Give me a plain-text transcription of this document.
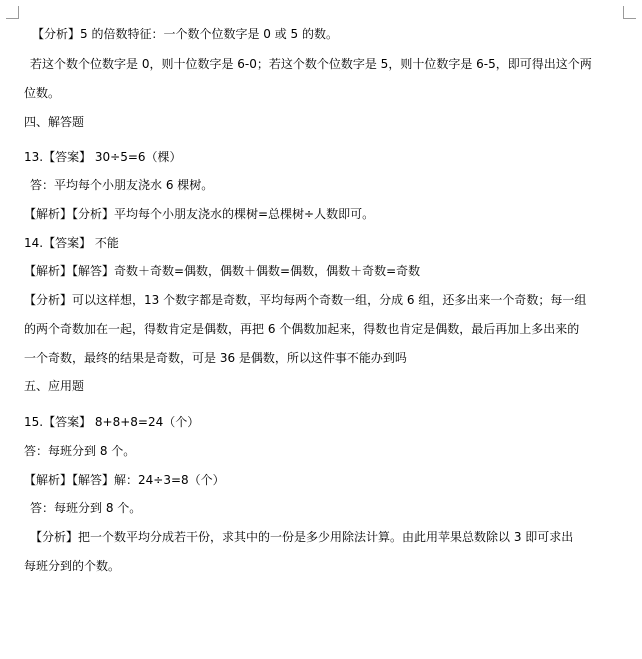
【分析】5 的倍数特征：一个数个位数字是 0 或 5 的数。
若这个数个位数字是 0，则十位数字是 6-0；若这个数个位数字是 5，则十位数字是 6-5，即可得出这个两
位数。
四、解答题
13.【答案】 30÷5=6（棵）
答：平均每个小朋友浇水 6 棵树。
【解析】【分析】平均每个小朋友浇水的棵树=总棵树÷人数即可。
14.【答案】 不能
【解析】【解答】奇数＋奇数=偶数，偶数＋偶数=偶数，偶数＋奇数=奇数
【分析】可以这样想，13 个数字都是奇数，平均每两个奇数一组，分成 6 组，还多出来一个奇数；每一组
的两个奇数加在一起，得数肯定是偶数，再把 6 个偶数加起来，得数也肯定是偶数，最后再加上多出来的
一个奇数，最终的结果是奇数，可是 36 是偶数，所以这件事不能办到吗
五、应用题
15.【答案】 8+8+8=24（个）
答：每班分到 8 个。
【解析】【解答】解：24÷3=8（个）
答：每班分到 8 个。
【分析】把一个数平均分成若干份，求其中的一份是多少用除法计算。由此用苹果总数除以 3 即可求出
每班分到的个数。
